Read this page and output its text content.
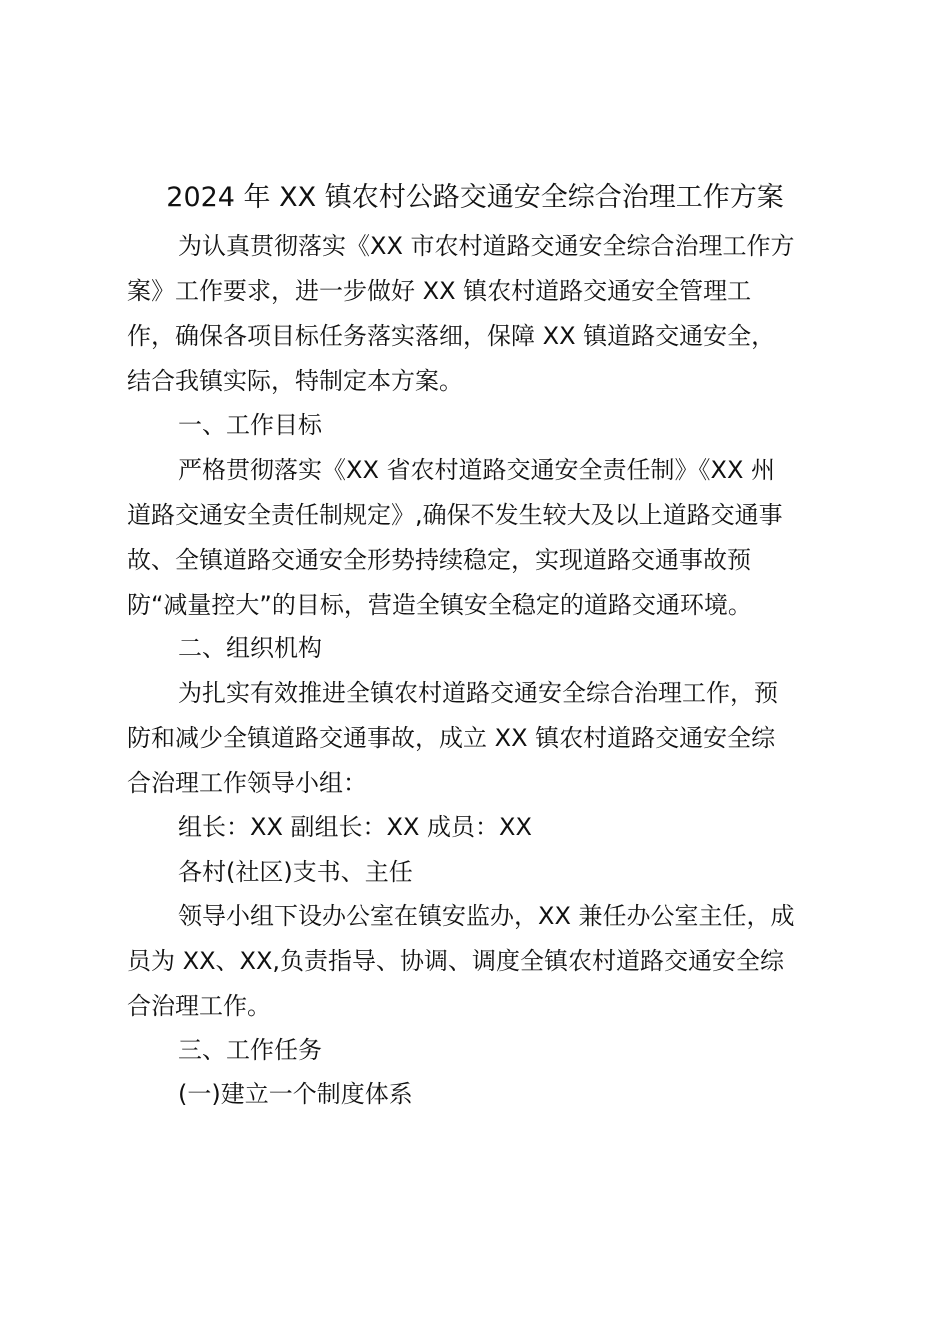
2024 年 XX 镇农村公路交通安全综合治理工作方案
为认真贯彻落实《XX 市农村道路交通安全综合治理工作方
案》工作要求，进一步做好 XX 镇农村道路交通安全管理工
作，确保各项目标任务落实落细，保障 XX 镇道路交通安全，
结合我镇实际，特制定本方案。
一、工作目标
严格贯彻落实《XX 省农村道路交通安全责任制》《XX 州
道路交通安全责任制规定》,确保不发生较大及以上道路交通事
故、全镇道路交通安全形势持续稳定，实现道路交通事故预
防“减量控大”的目标，营造全镇安全稳定的道路交通环境。
二、组织机构
为扎实有效推进全镇农村道路交通安全综合治理工作，预
防和减少全镇道路交通事故，成立 XX 镇农村道路交通安全综
合治理工作领导小组：
组长：XX 副组长：XX 成员：XX
各村(社区)支书、主任
领导小组下设办公室在镇安监办，XX 兼任办公室主任，成
员为 XX、XX,负责指导、协调、调度全镇农村道路交通安全综
合治理工作。
三、工作任务
(一)建立一个制度体系
